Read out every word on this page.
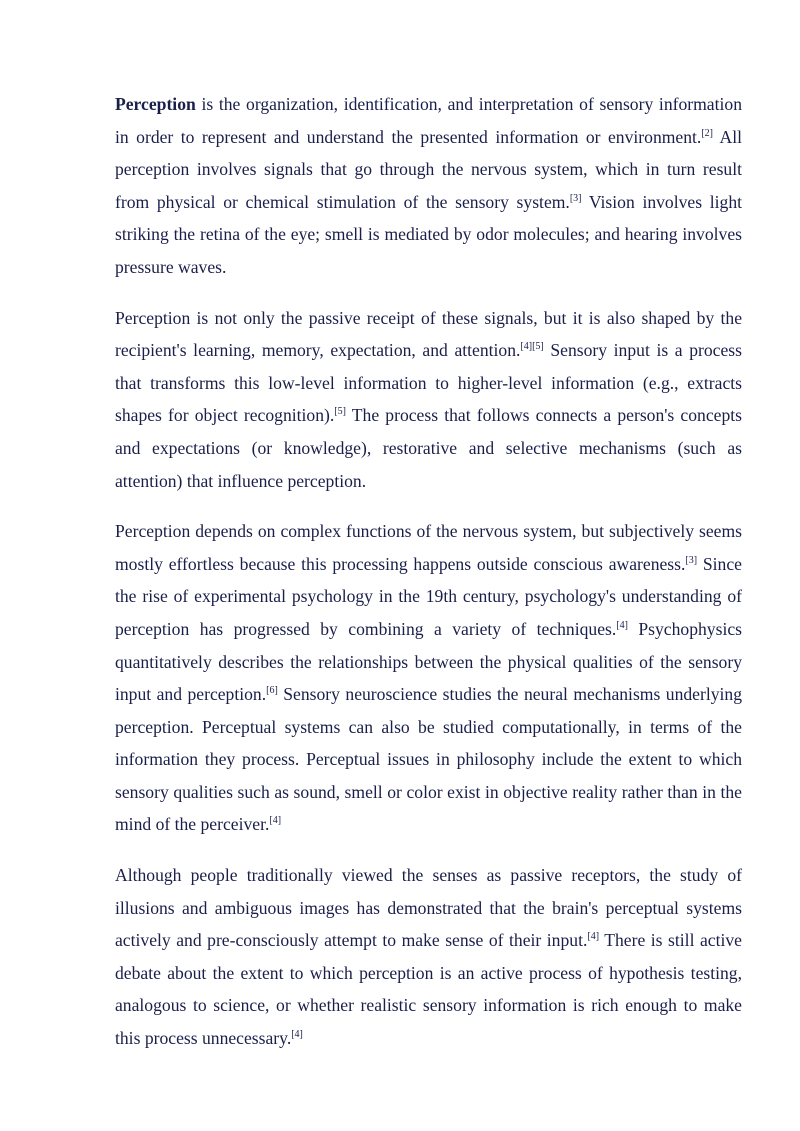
Perception is the organization, identification, and interpretation of sensory information in order to represent and understand the presented information or environment.[2] All perception involves signals that go through the nervous system, which in turn result from physical or chemical stimulation of the sensory system.[3] Vision involves light striking the retina of the eye; smell is mediated by odor molecules; and hearing involves pressure waves.

Perception is not only the passive receipt of these signals, but it is also shaped by the recipient's learning, memory, expectation, and attention.[4][5] Sensory input is a process that transforms this low-level information to higher-level information (e.g., extracts shapes for object recognition).[5] The process that follows connects a person's concepts and expectations (or knowledge), restorative and selective mechanisms (such as attention) that influence perception.

Perception depends on complex functions of the nervous system, but subjectively seems mostly effortless because this processing happens outside conscious awareness.[3] Since the rise of experimental psychology in the 19th century, psychology's understanding of perception has progressed by combining a variety of techniques.[4] Psychophysics quantitatively describes the relationships between the physical qualities of the sensory input and perception.[6] Sensory neuroscience studies the neural mechanisms underlying perception. Perceptual systems can also be studied computationally, in terms of the information they process. Perceptual issues in philosophy include the extent to which sensory qualities such as sound, smell or color exist in objective reality rather than in the mind of the perceiver.[4]

Although people traditionally viewed the senses as passive receptors, the study of illusions and ambiguous images has demonstrated that the brain's perceptual systems actively and pre-consciously attempt to make sense of their input.[4] There is still active debate about the extent to which perception is an active process of hypothesis testing, analogous to science, or whether realistic sensory information is rich enough to make this process unnecessary.[4]
